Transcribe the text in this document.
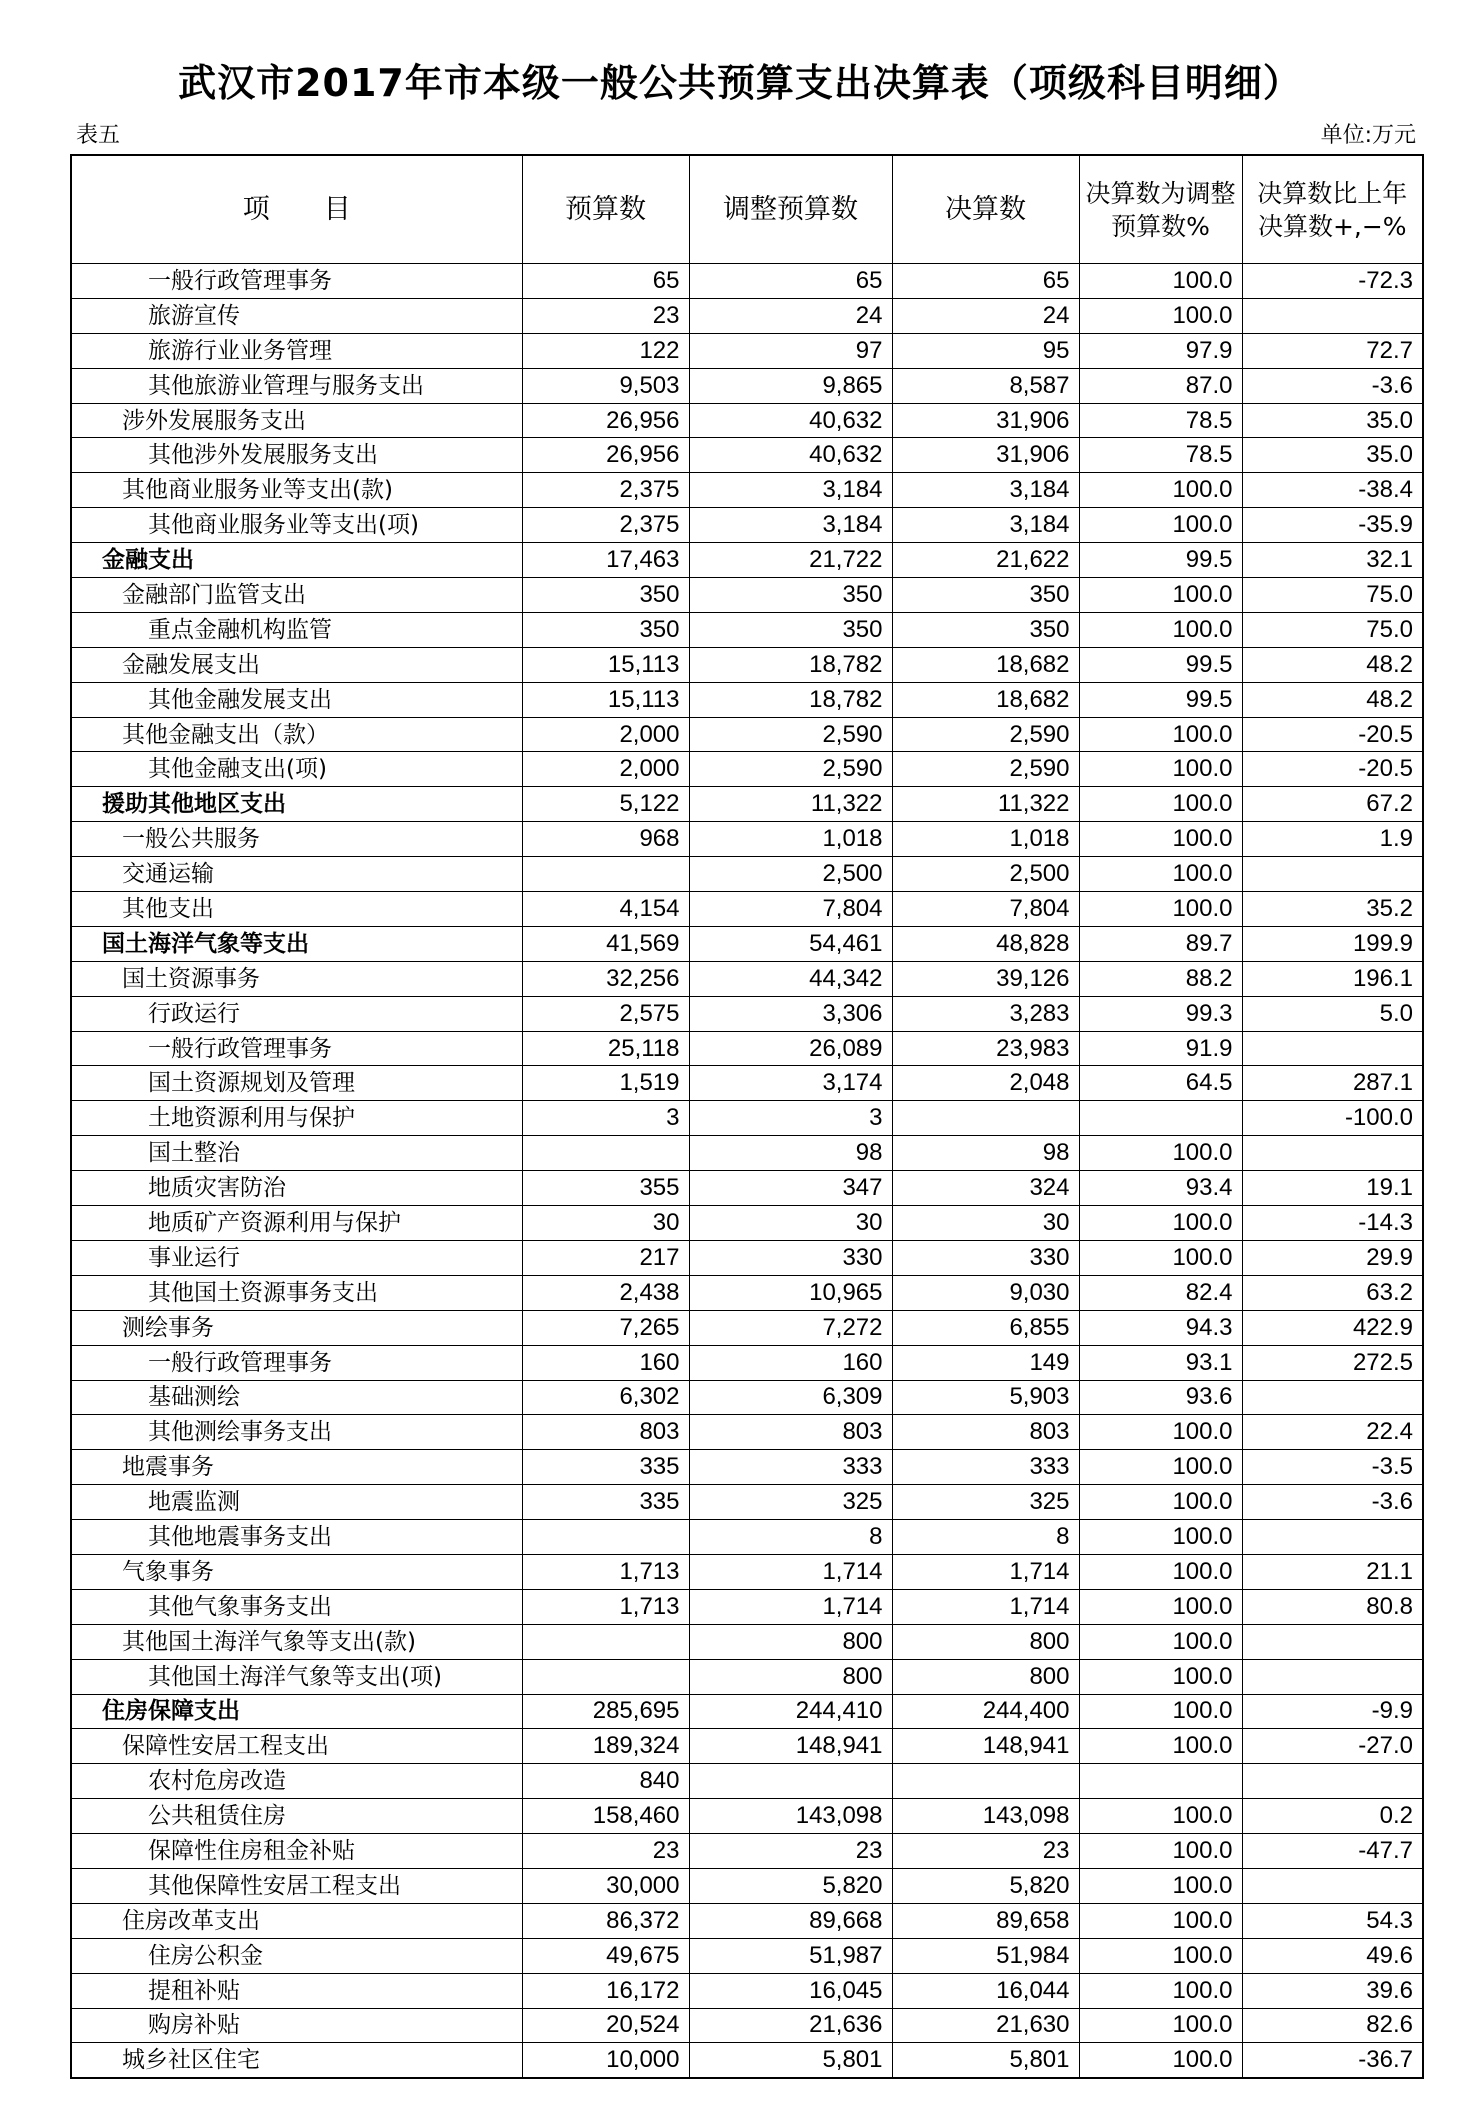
武汉市2017年市本级一般公共预算支出决算表（项级科目明细）
表五	单位:万元
项　　目	预算数	调整预算数	决算数	决算数为调整预算数%	决算数比上年决算数+,−%
一般行政管理事务	65	65	65	100.0	-72.3
旅游宣传	23	24	24	100.0	
旅游行业业务管理	122	97	95	97.9	72.7
其他旅游业管理与服务支出	9,503	9,865	8,587	87.0	-3.6
涉外发展服务支出	26,956	40,632	31,906	78.5	35.0
其他涉外发展服务支出	26,956	40,632	31,906	78.5	35.0
其他商业服务业等支出(款)	2,375	3,184	3,184	100.0	-38.4
其他商业服务业等支出(项)	2,375	3,184	3,184	100.0	-35.9
金融支出	17,463	21,722	21,622	99.5	32.1
金融部门监管支出	350	350	350	100.0	75.0
重点金融机构监管	350	350	350	100.0	75.0
金融发展支出	15,113	18,782	18,682	99.5	48.2
其他金融发展支出	15,113	18,782	18,682	99.5	48.2
其他金融支出（款）	2,000	2,590	2,590	100.0	-20.5
其他金融支出(项)	2,000	2,590	2,590	100.0	-20.5
援助其他地区支出	5,122	11,322	11,322	100.0	67.2
一般公共服务	968	1,018	1,018	100.0	1.9
交通运输		2,500	2,500	100.0	
其他支出	4,154	7,804	7,804	100.0	35.2
国土海洋气象等支出	41,569	54,461	48,828	89.7	199.9
国土资源事务	32,256	44,342	39,126	88.2	196.1
行政运行	2,575	3,306	3,283	99.3	5.0
一般行政管理事务	25,118	26,089	23,983	91.9	
国土资源规划及管理	1,519	3,174	2,048	64.5	287.1
土地资源利用与保护	3	3			-100.0
国土整治		98	98	100.0	
地质灾害防治	355	347	324	93.4	19.1
地质矿产资源利用与保护	30	30	30	100.0	-14.3
事业运行	217	330	330	100.0	29.9
其他国土资源事务支出	2,438	10,965	9,030	82.4	63.2
测绘事务	7,265	7,272	6,855	94.3	422.9
一般行政管理事务	160	160	149	93.1	272.5
基础测绘	6,302	6,309	5,903	93.6	
其他测绘事务支出	803	803	803	100.0	22.4
地震事务	335	333	333	100.0	-3.5
地震监测	335	325	325	100.0	-3.6
其他地震事务支出		8	8	100.0	
气象事务	1,713	1,714	1,714	100.0	21.1
其他气象事务支出	1,713	1,714	1,714	100.0	80.8
其他国土海洋气象等支出(款)		800	800	100.0	
其他国土海洋气象等支出(项)		800	800	100.0	
住房保障支出	285,695	244,410	244,400	100.0	-9.9
保障性安居工程支出	189,324	148,941	148,941	100.0	-27.0
农村危房改造	840				
公共租赁住房	158,460	143,098	143,098	100.0	0.2
保障性住房租金补贴	23	23	23	100.0	-47.7
其他保障性安居工程支出	30,000	5,820	5,820	100.0	
住房改革支出	86,372	89,668	89,658	100.0	54.3
住房公积金	49,675	51,987	51,984	100.0	49.6
提租补贴	16,172	16,045	16,044	100.0	39.6
购房补贴	20,524	21,636	21,630	100.0	82.6
城乡社区住宅	10,000	5,801	5,801	100.0	-36.7
